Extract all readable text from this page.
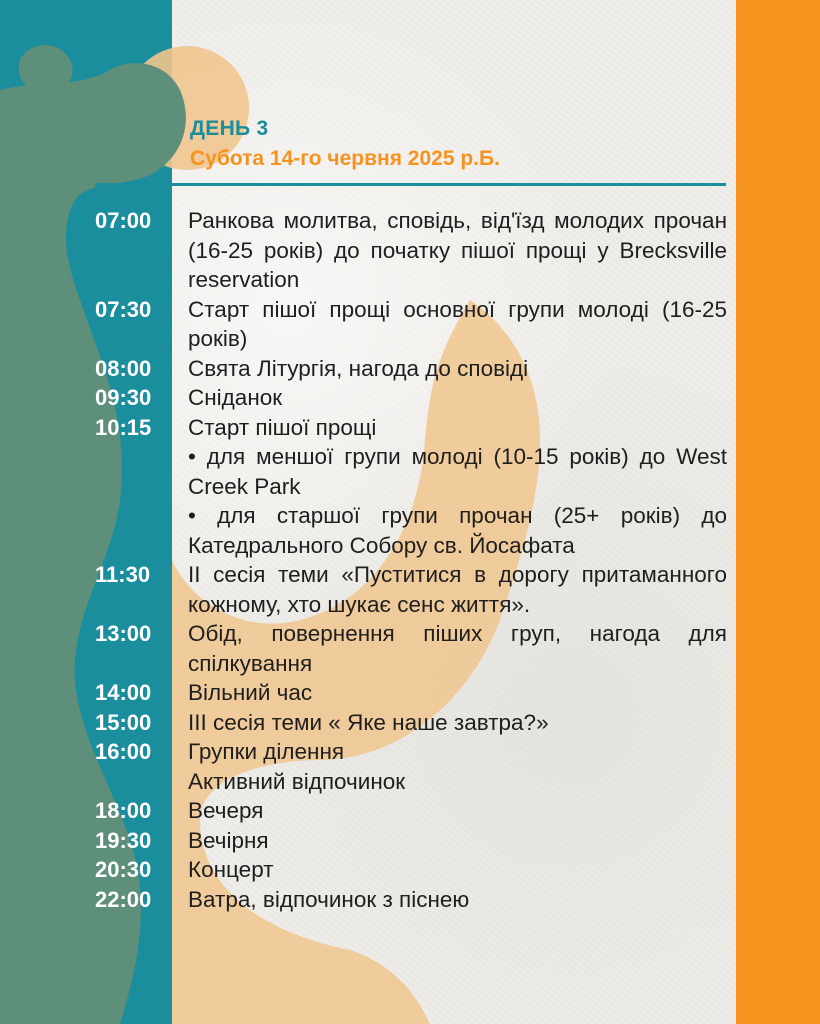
ДЕНЬ 3
Субота 14-го червня 2025 р.Б.
07:00	Ранкова молитва, сповідь, від'їзд молодих прочан (16-25 років) до початку пішої прощі у Brecksville reservation
07:30	Старт пішої прощі основної групи молоді (16-25 років)
08:00	Свята Літургія, нагода до сповіді
09:30	Сніданок
10:15	Старт пішої прощі
• для меншої групи молоді (10-15 років) до West Creek Park
• для старшої групи прочан (25+ років) до Катедрального Собору св. Йосафата
11:30	ІІ сесія теми «Пуститися в дорогу притаманного кожному, хто шукає сенс життя».
13:00	Обід, повернення піших груп, нагода для спілкування
14:00	Вільний час
15:00	ІІІ сесія теми « Яке наше завтра?»
16:00	Групки ділення
Активний відпочинок
18:00	Вечеря
19:30	Вечірня
20:30	Концерт
22:00	Ватра, відпочинок з піснею
